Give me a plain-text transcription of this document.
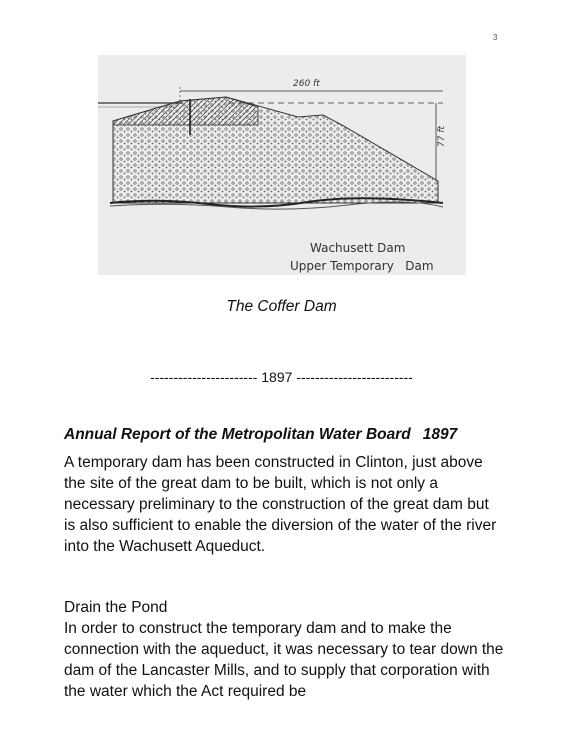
3
260 ft
77 ft
Wachusett Dam
Upper Temporary   Dam
The Coffer Dam
----------------------- 1897 -------------------------
Annual Report of the Metropolitan Water Board 1897

A temporary dam has been constructed in Clinton, just above the site of the great dam to be built, which is not only a necessary preliminary to the construction of the great dam but is also sufficient to enable the diversion of the water of the river into the Wachusett Aqueduct.

Drain the Pond

In order to construct the temporary dam and to make the connection with the aqueduct, it was necessary to tear down the dam of the Lancaster Mills, and to supply that corporation with the water which the Act required be
